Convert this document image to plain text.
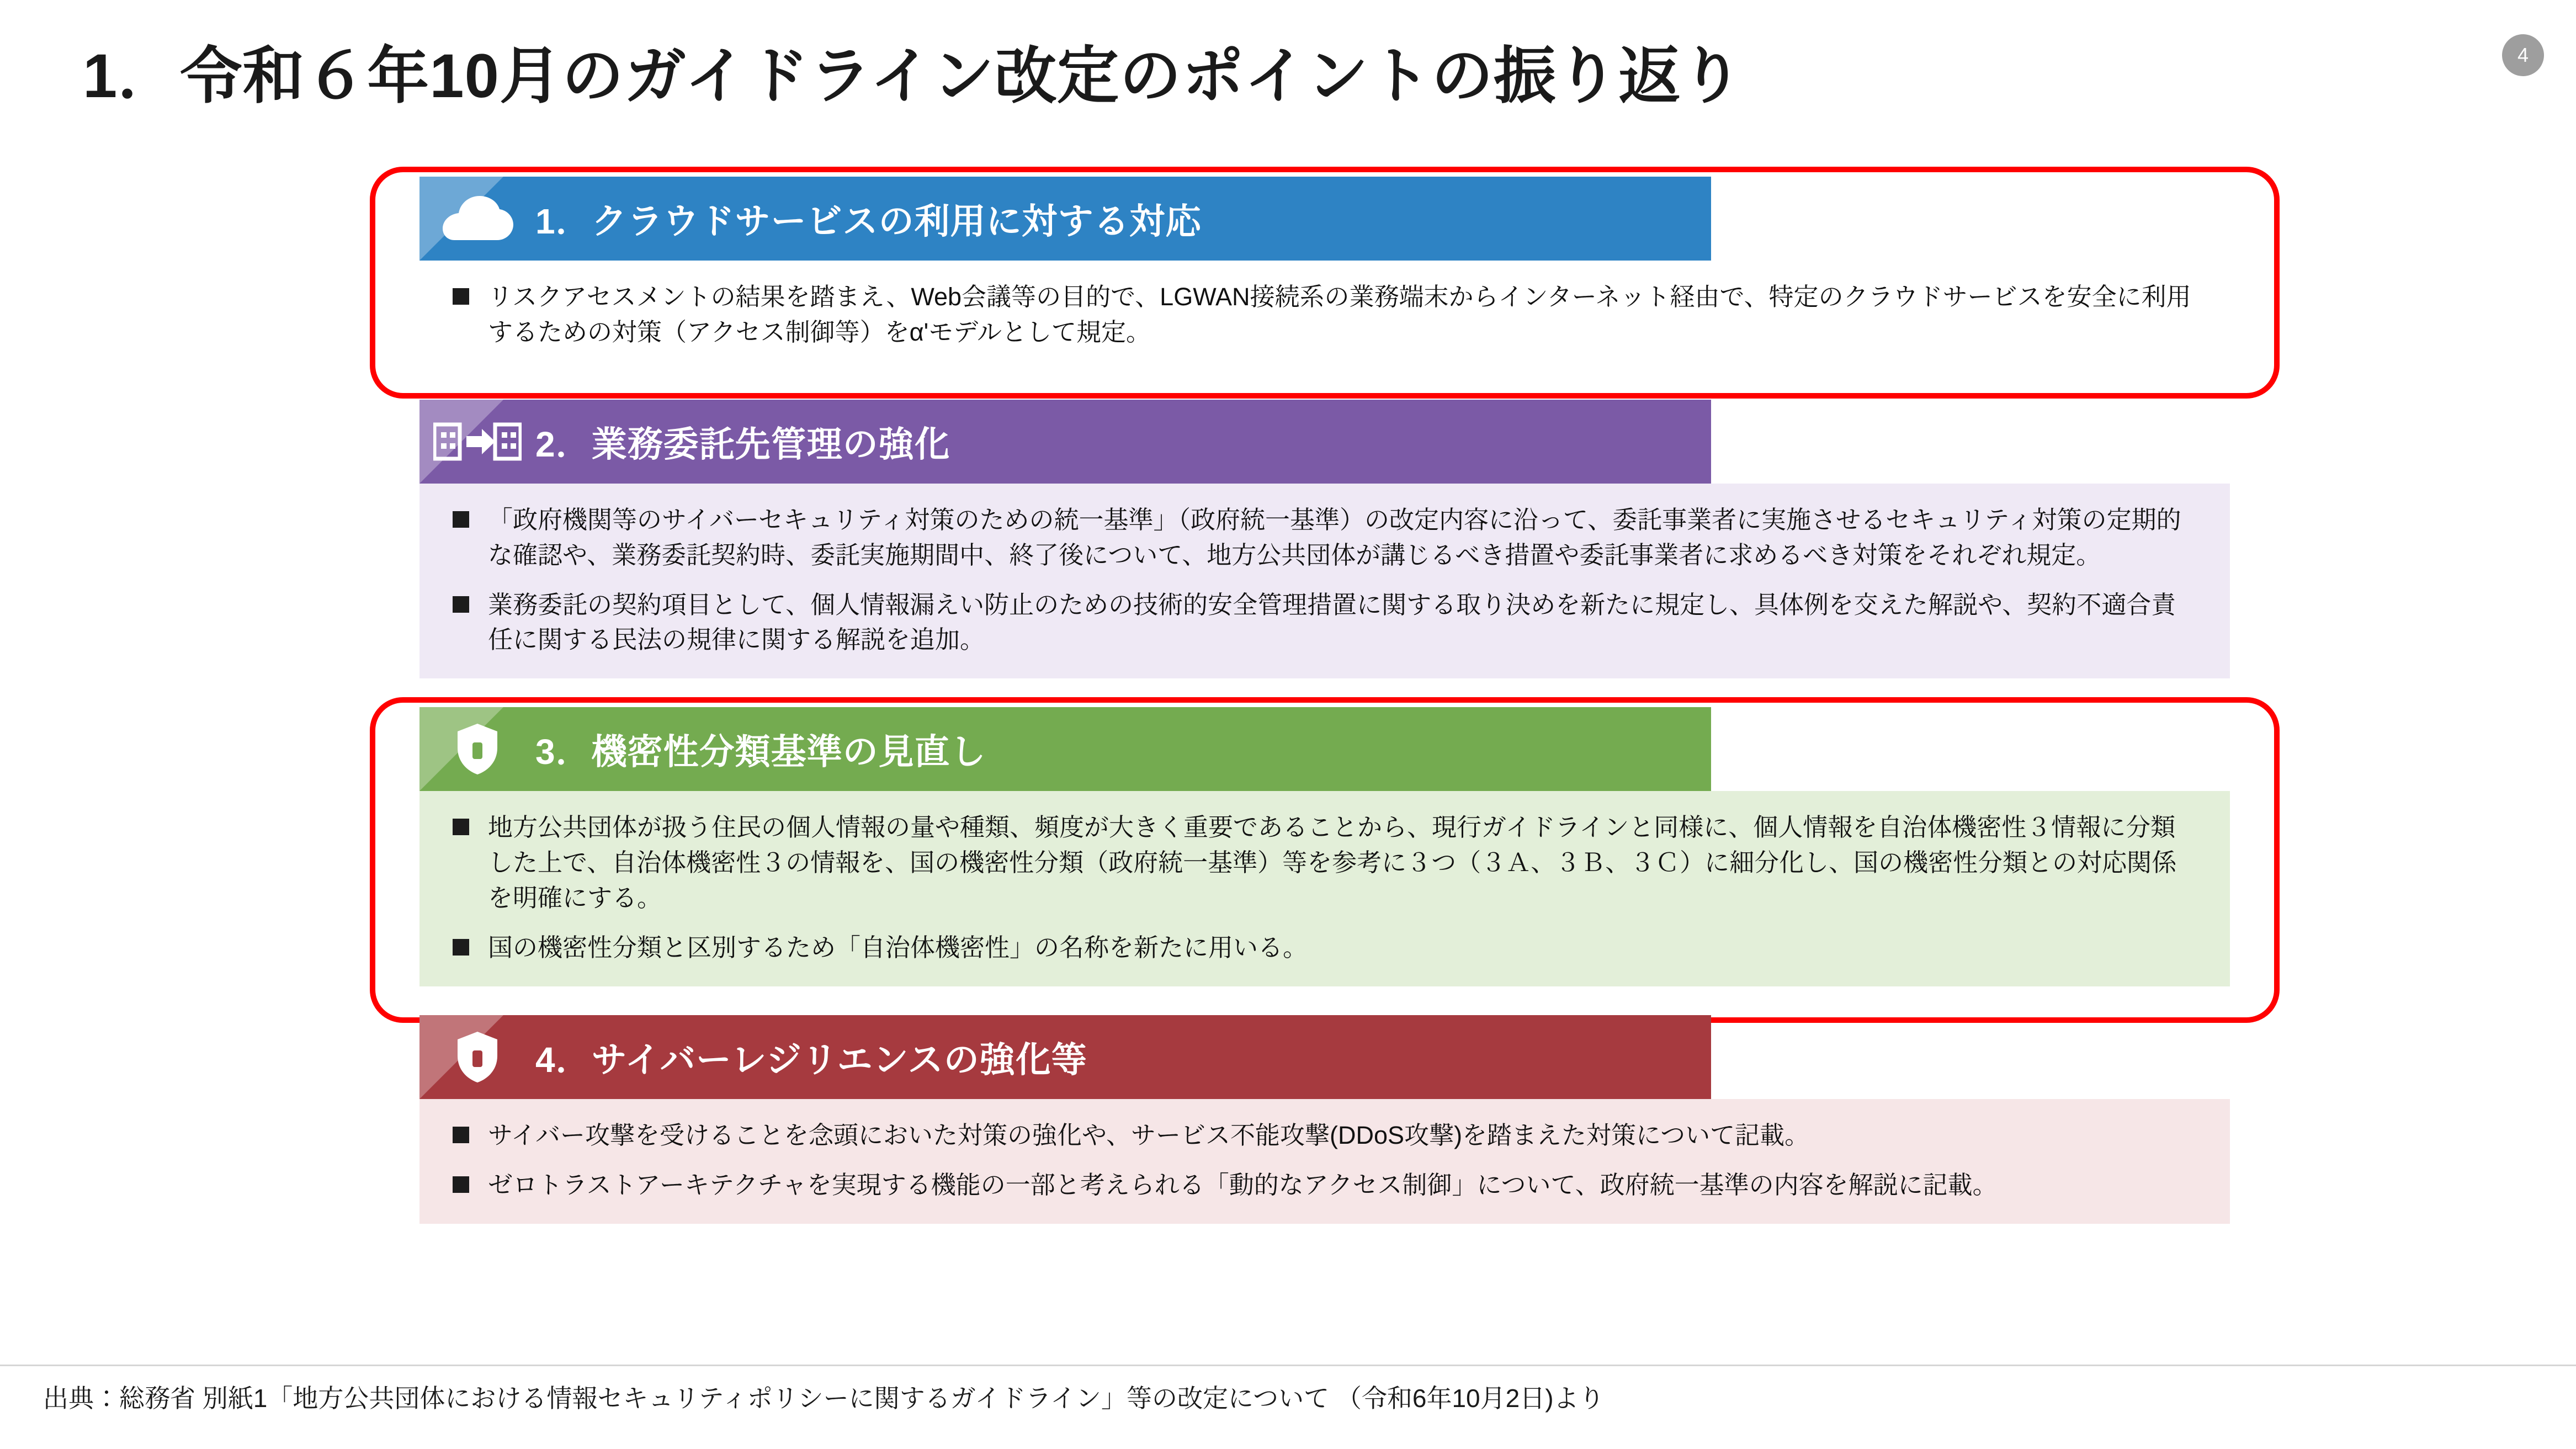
1．令和６年10月のガイドライン改定のポイントの振り返り	4
1．クラウドサービスの利用に対する対応
リスクアセスメントの結果を踏まえ、Web会議等の目的で、LGWAN接続系の業務端末からインターネット経由で、特定のクラウドサービスを安全に利用するための対策（アクセス制御等）をα'モデルとして規定。
2．業務委託先管理の強化
「政府機関等のサイバーセキュリティ対策のための統一基準」（政府統一基準）の改定内容に沿って、委託事業者に実施させるセキュリティ対策の定期的な確認や、業務委託契約時、委託実施期間中、終了後について、地方公共団体が講じるべき措置や委託事業者に求めるべき対策をそれぞれ規定。
業務委託の契約項目として、個人情報漏えい防止のための技術的安全管理措置に関する取り決めを新たに規定し、具体例を交えた解説や、契約不適合責任に関する民法の規律に関する解説を追加。
3．機密性分類基準の見直し
地方公共団体が扱う住民の個人情報の量や種類、頻度が大きく重要であることから、現行ガイドラインと同様に、個人情報を自治体機密性３情報に分類した上で、自治体機密性３の情報を、国の機密性分類（政府統一基準）等を参考に３つ（３Ａ、３Ｂ、３Ｃ）に細分化し、国の機密性分類との対応関係を明確にする。
国の機密性分類と区別するため「自治体機密性」の名称を新たに用いる。
4．サイバーレジリエンスの強化等
サイバー攻撃を受けることを念頭においた対策の強化や、サービス不能攻撃(DDoS攻撃)を踏まえた対策について記載。
ゼロトラストアーキテクチャを実現する機能の一部と考えられる「動的なアクセス制御」について、政府統一基準の内容を解説に記載。
出典：総務省 別紙1「地方公共団体における情報セキュリティポリシーに関するガイドライン」等の改定について （令和6年10月2日)より
